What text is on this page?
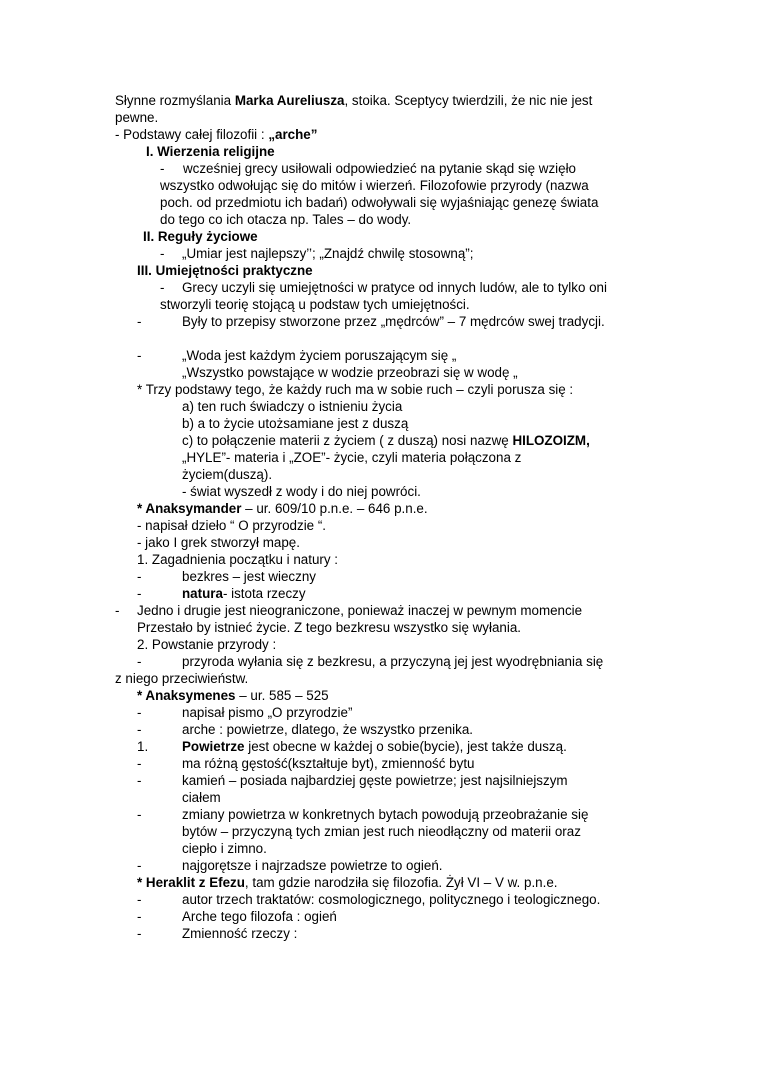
Słynne rozmyślania Marka Aureliusza, stoika. Sceptycy twierdzili, że nic nie jest
pewne.
- Podstawy całej filozofii : „arche”
I. Wierzenia religijne
- wcześniej grecy usiłowali odpowiedzieć na pytanie skąd się wzięło
wszystko odwołując się do mitów i wierzeń. Filozofowie przyrody (nazwa
poch. od przedmiotu ich badań) odwoływali się wyjaśniając genezę świata
do tego co ich otacza np. Tales – do wody.
II. Reguły życiowe
- „Umiar jest najlepszy’’; „Znajdź chwilę stosowną”;
III. Umiejętności praktyczne
- Grecy uczyli się umiejętności w pratyce od innych ludów, ale to tylko oni
stworzyli teorię stojącą u podstaw tych umiejętności.
-	Były to przepisy stworzone przez „mędrców” – 7 mędrców swej tradycji.
-	„Woda jest każdym życiem poruszającym się „
„Wszystko powstające w wodzie przeobrazi się w wodę „
* Trzy podstawy tego, że każdy ruch ma w sobie ruch – czyli porusza się :
a) ten ruch świadczy o istnieniu życia
b) a to życie utożsamiane jest z duszą
c) to połączenie materii z życiem ( z duszą) nosi nazwę HILOZOIZM,
„HYLE”- materia i „ZOE”- życie, czyli materia połączona z
życiem(duszą).
- świat wyszedł z wody i do niej powróci.
* Anaksymander – ur. 609/10 p.n.e. – 646 p.n.e.
- napisał dzieło “ O przyrodzie “.
- jako I grek stworzył mapę.
1. Zagadnienia początku i natury :
-	bezkres – jest wieczny
-	natura- istota rzeczy
- Jedno i drugie jest nieograniczone, ponieważ inaczej w pewnym momencie
Przestało by istnieć życie. Z tego bezkresu wszystko się wyłania.
2. Powstanie przyrody :
-	przyroda wyłania się z bezkresu, a przyczyną jej jest wyodrębniania się
z niego przeciwieństw.
* Anaksymenes – ur. 585 – 525
-	napisał pismo „O przyrodzie”
-	arche : powietrze, dlatego, że wszystko przenika.
1.	Powietrze jest obecne w każdej o sobie(bycie), jest także duszą.
-	ma różną gęstość(kształtuje byt), zmienność bytu
-	kamień – posiada najbardziej gęste powietrze; jest najsilniejszym
ciałem
-	zmiany powietrza w konkretnych bytach powodują przeobrażanie się
bytów – przyczyną tych zmian jest ruch nieodłączny od materii oraz
ciepło i zimno.
-	najgorętsze i najrzadsze powietrze to ogień.
* Heraklit z Efezu, tam gdzie narodziła się filozofia. Żył VI – V w. p.n.e.
-	autor trzech traktatów: cosmologicznego, politycznego i teologicznego.
-	Arche tego filozofa : ogień
-	Zmienność rzeczy :
